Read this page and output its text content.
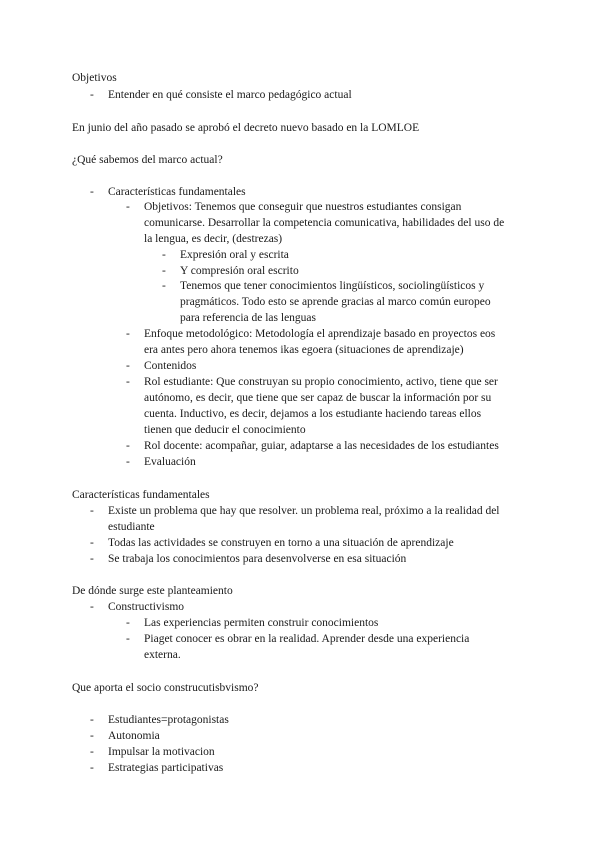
Objetivos
-	Entender en qué consiste el marco pedagógico actual
En junio del año pasado se aprobó el decreto nuevo basado en la LOMLOE
¿Qué sabemos del marco actual?
-	Características fundamentales
-	Objetivos: Tenemos que conseguir que nuestros estudiantes consigan
comunicarse. Desarrollar la competencia comunicativa, habilidades del uso de
la lengua, es decir, (destrezas)
-	Expresión oral y escrita
-	Y compresión oral escrito
-	Tenemos que tener conocimientos lingüísticos, sociolingüísticos y
pragmáticos. Todo esto se aprende gracias al marco común europeo
para referencia de las lenguas
-	Enfoque metodológico: Metodología el aprendizaje basado en proyectos eos
era antes pero ahora tenemos ikas egoera (situaciones de aprendizaje)
-	Contenidos
-	Rol estudiante: Que construyan su propio conocimiento, activo, tiene que ser
autónomo, es decir, que tiene que ser capaz de buscar la información por su
cuenta. Inductivo, es decir, dejamos a los estudiante haciendo tareas ellos
tienen que deducir el conocimiento
-	Rol docente: acompañar, guiar, adaptarse a las necesidades de los estudiantes
-	Evaluación
Características fundamentales
-	Existe un problema que hay que resolver. un problema real, próximo a la realidad del
estudiante
-	Todas las actividades se construyen en torno a una situación de aprendizaje
-	Se trabaja los conocimientos para desenvolverse en esa situación
De dónde surge este planteamiento
-	Constructivismo
-	Las experiencias permiten construir conocimientos
-	Piaget conocer es obrar en la realidad. Aprender desde una experiencia
externa.
Que aporta el socio construcutisbvismo?
-	Estudiantes=protagonistas
-	Autonomia
-	Impulsar la motivacion
-	Estrategias participativas
